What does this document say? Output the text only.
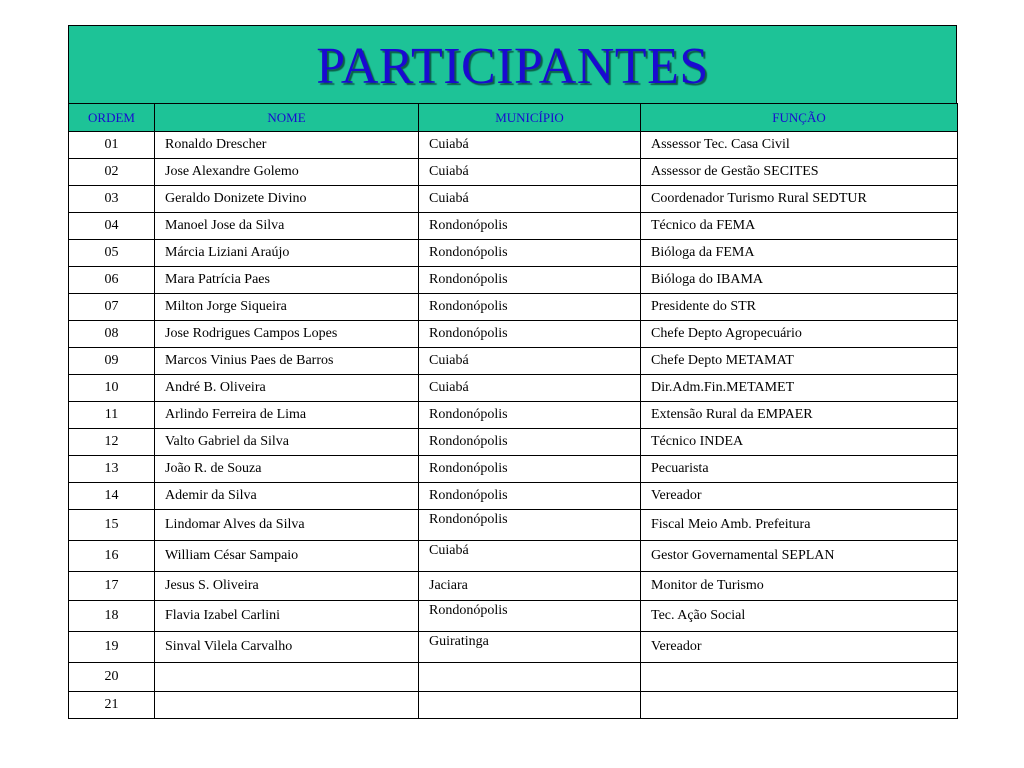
PARTICIPANTES
ORDEM	NOME	MUNICÍPIO	FUNÇÃO
01	Ronaldo Drescher	Cuiabá	Assessor Tec. Casa Civil
02	Jose Alexandre Golemo	Cuiabá	Assessor de Gestão SECITES
03	Geraldo Donizete Divino	Cuiabá	Coordenador Turismo Rural SEDTUR
04	Manoel Jose da Silva	Rondonópolis	Técnico da FEMA
05	Márcia Liziani Araújo	Rondonópolis	Bióloga da FEMA
06	Mara Patrícia Paes	Rondonópolis	Bióloga do IBAMA
07	Milton Jorge Siqueira	Rondonópolis	Presidente do STR
08	Jose Rodrigues Campos Lopes	Rondonópolis	Chefe Depto Agropecuário
09	Marcos Vinius Paes de Barros	Cuiabá	Chefe Depto METAMAT
10	André B. Oliveira	Cuiabá	Dir.Adm.Fin.METAMET
11	Arlindo Ferreira de Lima	Rondonópolis	Extensão Rural da EMPAER
12	Valto Gabriel da Silva	Rondonópolis	Técnico INDEA
13	João R. de Souza	Rondonópolis	Pecuarista
14	Ademir da Silva	Rondonópolis	Vereador
15	Lindomar Alves da Silva	Rondonópolis	Fiscal Meio Amb. Prefeitura
16	William César Sampaio	Cuiabá	Gestor Governamental SEPLAN
17	Jesus S. Oliveira	Jaciara	Monitor de Turismo
18	Flavia Izabel Carlini	Rondonópolis	Tec. Ação Social
19	Sinval Vilela Carvalho	Guiratinga	Vereador
20			
21			
